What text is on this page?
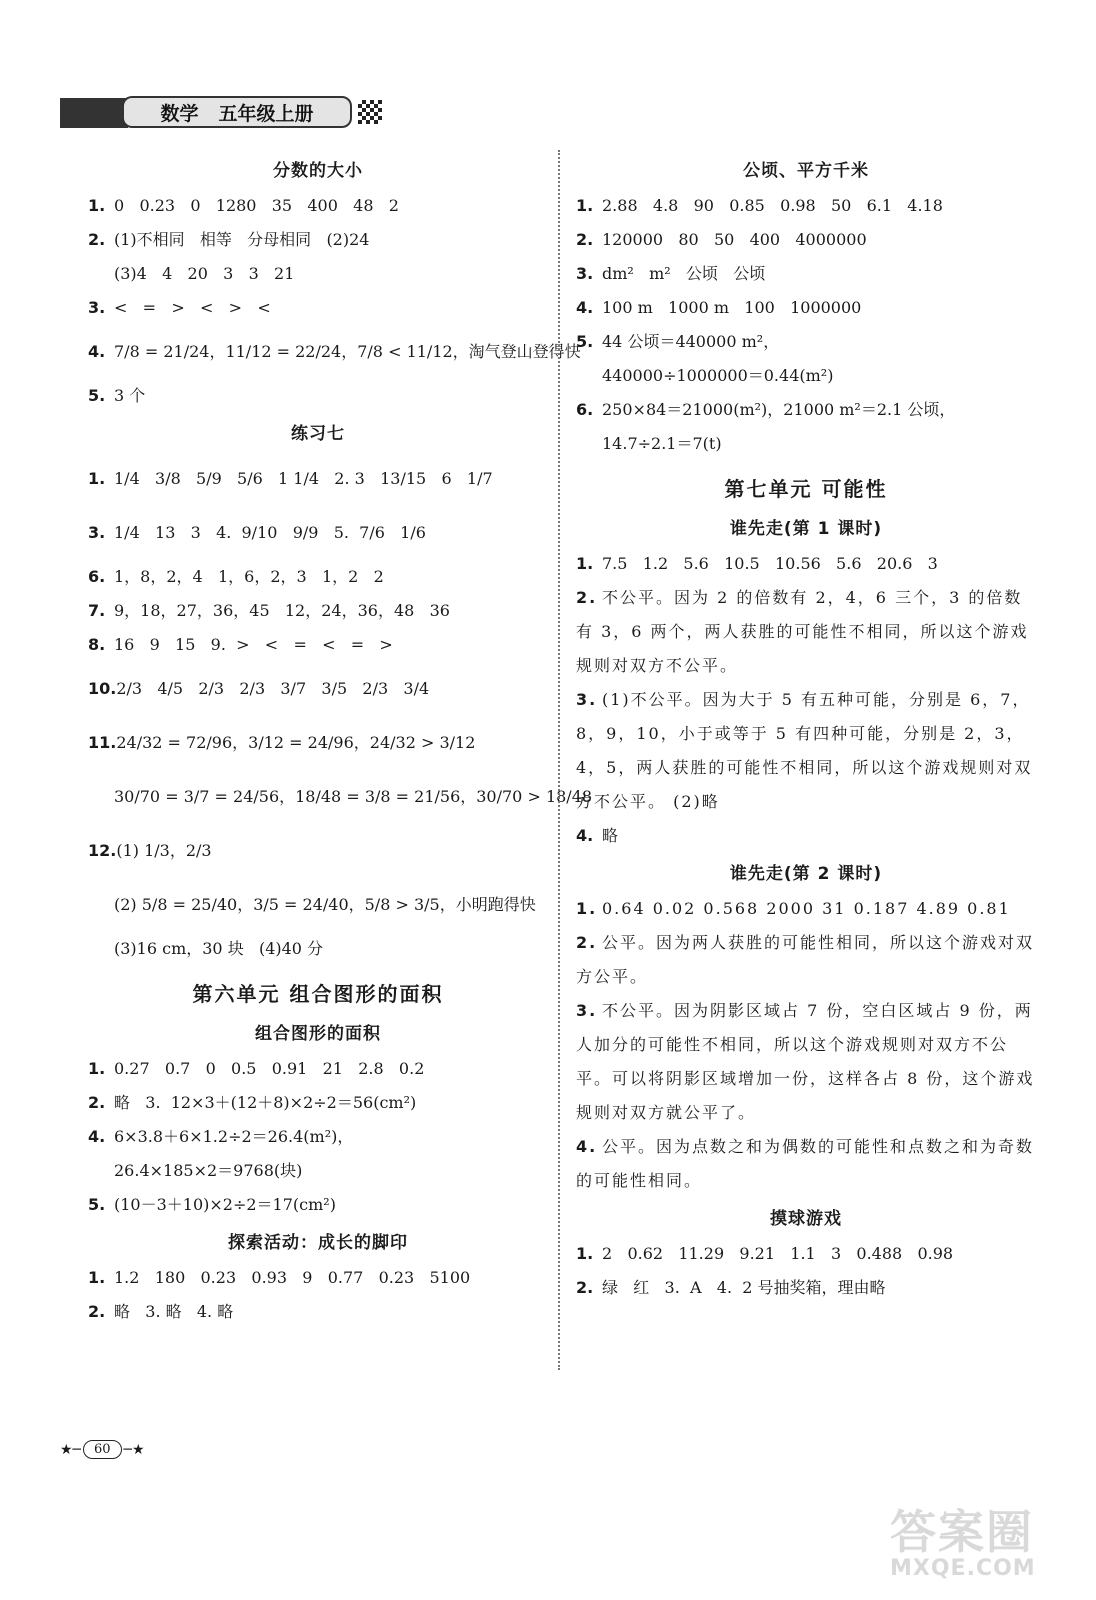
数学 五年级上册
分数的大小
1. 0   0.23   0   1280   35   400   48   2
2. (1)不相同   相等   分母相同   (2)24
(3)4   4   20   3   3   21
3. <   =   >   <   >   <
4. 7/8 = 21/24，11/12 = 22/24，7/8 < 11/12，淘气登山登得快
5. 3 个
练习七
1. 1/4   3/8   5/9   5/6   1 1/4   2. 3   13/15   6   1/7
3. 1/4   13   3   4.  9/10   9/9   5.  7/6   1/6
6. 1，8，2，4   1，6，2，3   1，2   2
7. 9，18，27，36，45   12，24，36，48   36
8. 16   9   15   9.  >   <   =   <   =   >
10. 2/3   4/5   2/3   2/3   3/7   3/5   2/3   3/4
11. 24/32 = 72/96，3/12 = 24/96，24/32 > 3/12
30/70 = 3/7 = 24/56，18/48 = 3/8 = 21/56，30/70 > 18/48
12. (1) 1/3，2/3
(2) 5/8 = 25/40，3/5 = 24/40，5/8 > 3/5，小明跑得快
(3)16 cm，30 块   (4)40 分
第六单元 组合图形的面积
组合图形的面积
1. 0.27   0.7   0   0.5   0.91   21   2.8   0.2
2. 略   3.  12×3＋(12＋8)×2÷2＝56(cm²)
4. 6×3.8＋6×1.2÷2＝26.4(m²)，
26.4×185×2＝9768(块)
5. (10－3＋10)×2÷2＝17(cm²)
探索活动：成长的脚印
1. 1.2   180   0.23   0.93   9   0.77   0.23   5100
2. 略   3. 略   4. 略
公顷、平方千米
1. 2.88   4.8   90   0.85   0.98   50   6.1   4.18
2. 120000   80   50   400   4000000
3. dm²   m²   公顷   公顷
4. 100 m   1000 m   100   1000000
5. 44 公顷＝440000 m²，
440000÷1000000＝0.44(m²)
6. 250×84＝21000(m²)，21000 m²＝2.1 公顷，
14.7÷2.1＝7(t)
第七单元 可能性
谁先走(第 1 课时)
1. 7.5   1.2   5.6   10.5   10.56   5.6   20.6   3
2. 不公平。因为 2 的倍数有 2，4，6 三个，3 的倍数有 3，6 两个，两人获胜的可能性不相同，所以这个游戏规则对双方不公平。
3. (1)不公平。因为大于 5 有五种可能，分别是 6，7，8，9，10，小于或等于 5 有四种可能，分别是 2，3，4，5，两人获胜的可能性不相同，所以这个游戏规则对双方不公平。 (2)略
4. 略
谁先走(第 2 课时)
1. 0.64 0.02 0.568 2000 31 0.187 4.89 0.81
2. 公平。因为两人获胜的可能性相同，所以这个游戏对双方公平。
3. 不公平。因为阴影区域占 7 份，空白区域占 9 份，两人加分的可能性不相同，所以这个游戏规则对双方不公平。可以将阴影区域增加一份，这样各占 8 份，这个游戏规则对双方就公平了。
4. 公平。因为点数之和为偶数的可能性和点数之和为奇数的可能性相同。
摸球游戏
1. 2   0.62   11.29   9.21   1.1   3   0.488   0.98
2. 绿   红   3.  A   4.  2 号抽奖箱，理由略
★─	60 ─★
答案圈
MXQE.COM
